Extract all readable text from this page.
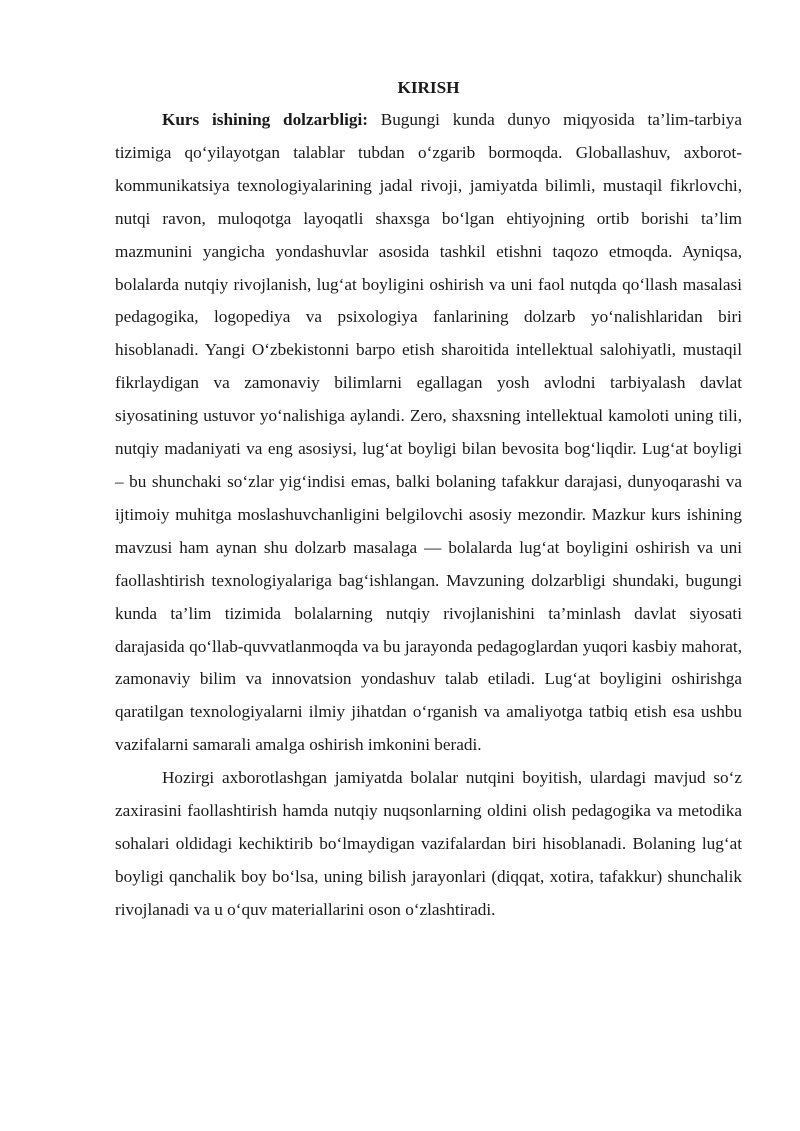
KIRISH

Kurs ishining dolzarbligi: Bugungi kunda dunyo miqyosida ta’lim-tarbiya tizimiga qo‘yilayotgan talablar tubdan o‘zgarib bormoqda. Globallashuv, axborot-kommunikatsiya texnologiyalarining jadal rivoji, jamiyatda bilimli, mustaqil fikrlovchi, nutqi ravon, muloqotga layoqatli shaxsga bo‘lgan ehtiyojning ortib borishi ta’lim mazmunini yangicha yondashuvlar asosida tashkil etishni taqozo etmoqda. Ayniqsa, bolalarda nutqiy rivojlanish, lug‘at boyligini oshirish va uni faol nutqda qo‘llash masalasi pedagogika, logopediya va psixologiya fanlarining dolzarb yo‘nalishlaridan biri hisoblanadi. Yangi O‘zbekistonni barpo etish sharoitida intellektual salohiyatli, mustaqil fikrlaydigan va zamonaviy bilimlarni egallagan yosh avlodni tarbiyalash davlat siyosatining ustuvor yo‘nalishiga aylandi. Zero, shaxsning intellektual kamoloti uning tili, nutqiy madaniyati va eng asosiysi, lug‘at boyligi bilan bevosita bog‘liqdir. Lug‘at boyligi – bu shunchaki so‘zlar yig‘indisi emas, balki bolaning tafakkur darajasi, dunyoqarashi va ijtimoiy muhitga moslashuvchanligini belgilovchi asosiy mezondir. Mazkur kurs ishining mavzusi ham aynan shu dolzarb masalaga — bolalarda lug‘at boyligini oshirish va uni faollashtirish texnologiyalariga bag‘ishlangan. Mavzuning dolzarbligi shundaki, bugungi kunda ta’lim tizimida bolalarning nutqiy rivojlanishini ta’minlash davlat siyosati darajasida qo‘llab-quvvatlanmoqda va bu jarayonda pedagoglardan yuqori kasbiy mahorat, zamonaviy bilim va innovatsion yondashuv talab etiladi. Lug‘at boyligini oshirishga qaratilgan texnologiyalarni ilmiy jihatdan o‘rganish va amaliyotga tatbiq etish esa ushbu vazifalarni samarali amalga oshirish imkonini beradi.

Hozirgi axborotlashgan jamiyatda bolalar nutqini boyitish, ulardagi mavjud so‘z zaxirasini faollashtirish hamda nutqiy nuqsonlarning oldini olish pedagogika va metodika sohalari oldidagi kechiktirib bo‘lmaydigan vazifalardan biri hisoblanadi. Bolaning lug‘at boyligi qanchalik boy bo‘lsa, uning bilish jarayonlari (diqqat, xotira, tafakkur) shunchalik rivojlanadi va u o‘quv materiallarini oson o‘zlashtiradi.
